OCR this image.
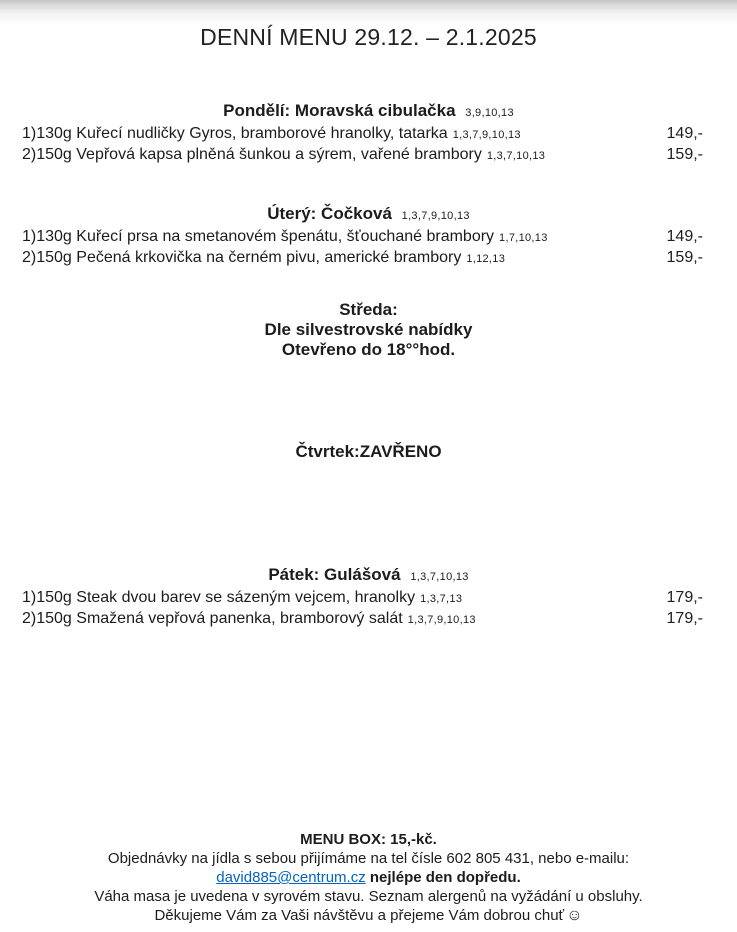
DENNÍ MENU 29.12. – 2.1.2025
Pondělí: Moravská cibulačka 3,9,10,13
1)130g Kuřecí nudličky Gyros, bramborové hranolky, tatarka 1,3,7,9,10,13	149,-
2)150g Vepřová kapsa plněná šunkou a sýrem, vařené brambory 1,3,7,10,13	159,-
Úterý: Čočková 1,3,7,9,10,13
1)130g Kuřecí prsa na smetanovém špenátu, šťouchané brambory 1,7,10,13	149,-
2)150g Pečená krkovička na černém pivu, americké brambory 1,12,13	159,-
Středa:
Dle silvestrovské nabídky
Otevřeno do 18°°hod.
Čtvrtek:ZAVŘENO
Pátek: Gulášová 1,3,7,10,13
1)150g Steak dvou barev se sázeným vejcem, hranolky 1,3,7,13	179,-
2)150g Smažená vepřová panenka, bramborový salát 1,3,7,9,10,13	179,-
MENU BOX: 15,-kč.
Objednávky na jídla s sebou přijímáme na tel čísle 602 805 431, nebo e-mailu:
david885@centrum.cz nejlépe den dopředu.
Váha masa je uvedena v syrovém stavu. Seznam alergenů na vyžádání u obsluhy.
Děkujeme Vám za Vaši návštěvu a přejeme Vám dobrou chuť ☺
